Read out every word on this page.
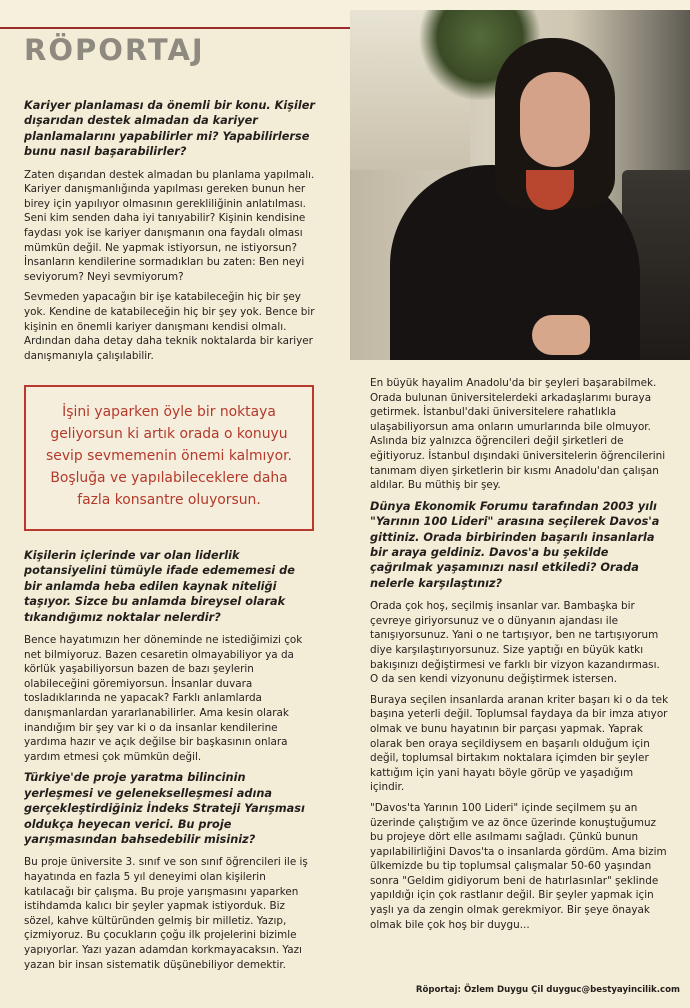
RÖPORTAJ

Kariyer planlaması da önemli bir konu. Kişiler dışarıdan destek almadan da kariyer planlamalarını yapabilirler mi? Yapabilirlerse bunu nasıl başarabilirler?

Zaten dışarıdan destek almadan bu planlama yapılmalı. Kariyer danışmanlığında yapılması gereken bunun her birey için yapılıyor olmasının gerekliliğinin anlatılması. Seni kim senden daha iyi tanıyabilir? Kişinin kendisine faydası yok ise kariyer danışmanın ona faydalı olması mümkün değil. Ne yapmak istiyorsun, ne istiyorsun? İnsanların kendilerine sormadıkları bu zaten: Ben neyi seviyorum? Neyi sevmiyorum?

Sevmeden yapacağın bir işe katabileceğin hiç bir şey yok. Kendine de katabileceğin hiç bir şey yok. Bence bir kişinin en önemli kariyer danışmanı kendisi olmalı. Ardından daha detay daha teknik noktalarda bir kariyer danışmanıyla çalışılabilir.

İşini yaparken öyle bir noktaya geliyorsun ki artık orada o konuyu sevip sevmemenin önemi kalmıyor. Boşluğa ve yapılabileceklere daha fazla konsantre oluyorsun.

Kişilerin içlerinde var olan liderlik potansiyelini tümüyle ifade edememesi de bir anlamda heba edilen kaynak niteliği taşıyor. Sizce bu anlamda bireysel olarak tıkandığımız noktalar nelerdir?

Bence hayatımızın her döneminde ne istediğimizi çok net bilmiyoruz. Bazen cesaretin olmayabiliyor ya da körlük yaşabiliyorsun bazen de bazı şeylerin olabileceğini göremiyorsun. İnsanlar duvara tosladıklarında ne yapacak? Farklı anlamlarda danışmanlardan yararlanabilirler. Ama kesin olarak inandığım bir şey var ki o da insanlar kendilerine yardıma hazır ve açık değilse bir başkasının onlara yardım etmesi çok mümkün değil.

Türkiye'de proje yaratma bilincinin yerleşmesi ve gelenekselleşmesi adına gerçekleştirdiğiniz İndeks Strateji Yarışması oldukça heyecan verici. Bu proje yarışmasından bahsedebilir misiniz?

Bu proje üniversite 3. sınıf ve son sınıf öğrencileri ile iş hayatında en fazla 5 yıl deneyimi olan kişilerin katılacağı bir çalışma. Bu proje yarışmasını yaparken istihdamda kalıcı bir şeyler yapmak istiyorduk. Biz sözel, kahve kültüründen gelmiş bir milletiz. Yazıp, çizmiyoruz. Bu çocukların çoğu ilk projelerini bizimle yapıyorlar. Yazı yazan adamdan korkmayacaksın. Yazı yazan bir insan sistematik düşünebiliyor demektir.

En büyük hayalim Anadolu'da bir şeyleri başarabilmek. Orada bulunan üniversitelerdeki arkadaşlarımı buraya getirmek. İstanbul'daki üniversitelere rahatlıkla ulaşabiliyorsun ama onların umurlarında bile olmuyor. Aslında biz yalnızca öğrencileri değil şirketleri de eğitiyoruz. İstanbul dışındaki üniversitelerin öğrencilerini tanımam diyen şirketlerin bir kısmı Anadolu'dan çalışan aldılar. Bu müthiş bir şey.

Dünya Ekonomik Forumu tarafından 2003 yılı "Yarının 100 Lideri" arasına seçilerek Davos'a gittiniz. Orada birbirinden başarılı insanlarla bir araya geldiniz. Davos'a bu şekilde çağrılmak yaşamınızı nasıl etkiledi? Orada nelerle karşılaştınız?

Orada çok hoş, seçilmiş insanlar var. Bambaşka bir çevreye giriyorsunuz ve o dünyanın ajandası ile tanışıyorsunuz. Yani o ne tartışıyor, ben ne tartışıyorum diye karşılaştırıyorsunuz. Size yaptığı en büyük katkı bakışınızı değiştirmesi ve farklı bir vizyon kazandırması. O da sen kendi vizyonunu değiştirmek istersen.

Buraya seçilen insanlarda aranan kriter başarı ki o da tek başına yeterli değil. Toplumsal faydaya da bir imza atıyor olmak ve bunu hayatının bir parçası yapmak. Yaprak olarak ben oraya seçildiysem en başarılı olduğum için değil, toplumsal birtakım noktalara içimden bir şeyler kattığım için yani hayatı böyle görüp ve yaşadığım içindir.

"Davos'ta Yarının 100 Lideri" içinde seçilmem şu an üzerinde çalıştığım ve az önce üzerinde konuştuğumuz bu projeye dört elle asılmamı sağladı. Çünkü bunun yapılabilirliğini Davos'ta o insanlarda gördüm. Ama bizim ülkemizde bu tip toplumsal çalışmalar 50-60 yaşından sonra "Geldim gidiyorum beni de hatırlasınlar" şeklinde yapıldığı için çok rastlanır değil. Bir şeyler yapmak için yaşlı ya da zengin olmak gerekmiyor. Bir şeye önayak olmak bile çok hoş bir duygu...

Röportaj: Özlem Duygu Çil duyguc@bestyayincilik.com
